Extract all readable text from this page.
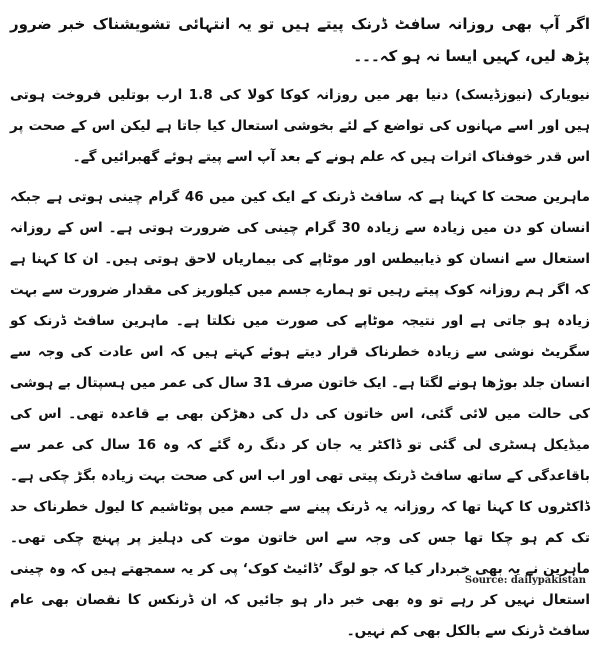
اگر آپ بھی روزانہ سافٹ ڈرنک پیتے ہیں تو یہ انتہائی تشویشناک خبر ضرور پڑھ لیں، کہیں ایسا نہ ہو کہ۔۔۔
نیویارک (نیوزڈیسک) دنیا بھر میں روزانہ کوکا کولا کی 1.8 ارب بوتلیں فروخت ہوتی ہیں اور اسے مہانوں کی تواضع کے لئے بخوشی استعال کیا جاتا ہے لیکن اس کے صحت پر اس قدر خوفناک اثرات ہیں کہ علم ہونے کے بعد آپ اسے پیتے ہوئے گھبرائیں گے۔
ماہرین صحت کا کہنا ہے کہ سافٹ ڈرنک کے ایک کین میں 46 گرام چینی ہوتی ہے جبکہ انسان کو دن میں زیادہ سے زیادہ 30 گرام چینی کی ضرورت ہوتی ہے۔ اس کے روزانہ استعال سے انسان کو ذیابیطس اور موٹاپے کی بیماریاں لاحق ہوتی ہیں۔ ان کا کہنا ہے کہ اگر ہم روزانہ کوک پیتے رہیں تو ہمارے جسم میں کیلوریز کی مقدار ضرورت سے بہت زیادہ ہو جاتی ہے اور نتیجہ موٹاپے کی صورت میں نکلتا ہے۔ ماہرین سافٹ ڈرنک کو سگریٹ نوشی سے زیادہ خطرناک قرار دیتے ہوئے کہتے ہیں کہ اس عادت کی وجہ سے انسان جلد بوڑھا ہونے لگتا ہے۔ ایک خاتون صرف 31 سال کی عمر میں ہسپتال بے ہوشی کی حالت میں لائی گئی، اس خاتون کی دل کی دھڑکن بھی بے قاعدہ تھی۔ اس کی میڈیکل ہسٹری لی گئی تو ڈاکٹر یہ جان کر دنگ رہ گئے کہ وہ 16 سال کی عمر سے باقاعدگی کے ساتھ سافٹ ڈرنک پیتی تھی اور اب اس کی صحت بہت زیادہ بگڑ چکی ہے۔ ڈاکٹروں کا کہنا تھا کہ روزانہ یہ ڈرنک پینے سے جسم میں پوٹاشیم کا لیول خطرناک حد تک کم ہو چکا تھا جس کی وجہ سے اس خاتون موت کی دہلیز پر پہنچ چکی تھی۔ ماہرین نے یہ بھی خبردار کیا کہ جو لوگ ’ڈائیٹ کوک‘ پی کر یہ سمجھتے ہیں کہ وہ چینی استعال نہیں کر رہے تو وہ بھی خبر دار ہو جائیں کہ ان ڈرنکس کا نقصان بھی عام سافٹ ڈرنک سے بالکل بھی کم نہیں۔
Source: dailypakistan
